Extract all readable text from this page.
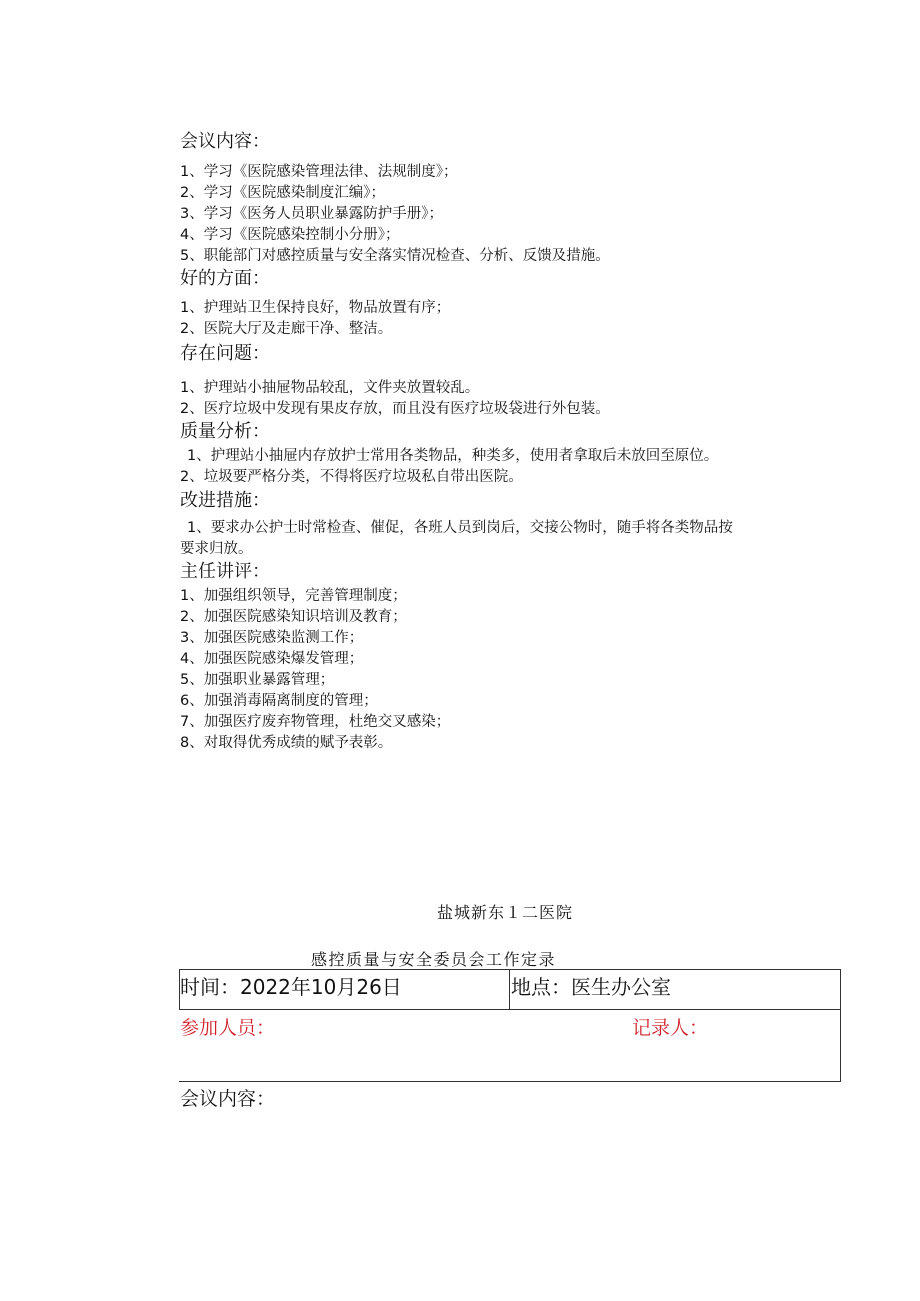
会议内容：
1、学习《医院感染管理法律、法规制度》；
2、学习《医院感染制度汇编》；
3、学习《医务人员职业暴露防护手册》；
4、学习《医院感染控制小分册》；
5、职能部门对感控质量与安全落实情况检查、分析、反馈及措施。
好的方面：
1、护理站卫生保持良好，物品放置有序；
2、医院大厅及走廊干净、整洁。
存在问题：
1、护理站小抽屉物品较乱，文件夹放置较乱。
2、医疗垃圾中发现有果皮存放，而且没有医疗垃圾袋进行外包装。
质量分析：
1、护理站小抽屉内存放护士常用各类物品，种类多，使用者拿取后未放回至原位。
2、垃圾要严格分类，不得将医疗垃圾私自带出医院。
改进措施：
1、要求办公护士时常检查、催促，各班人员到岗后，交接公物时，随手将各类物品按
要求归放。
主任讲评：
1、加强组织领导，完善管理制度；
2、加强医院感染知识培训及教育；
3、加强医院感染监测工作；
4、加强医院感染爆发管理；
5、加强职业暴露管理；
6、加强消毒隔离制度的管理；
7、加强医疗废弃物管理，杜绝交叉感染；
8、对取得优秀成绩的赋予表彰。
盐城新东１二医院
感控质量与安全委员会工作定录
时间：2022年10月26日	地点：医生办公室
参加人员：	记录人：
会议内容：
